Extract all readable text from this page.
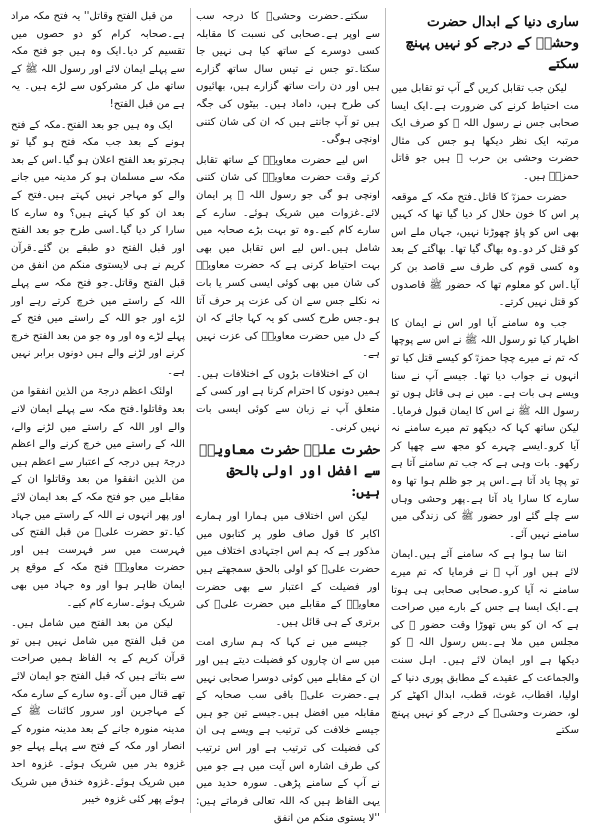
ساری دنیا کے ابدال حضرت وحشیؓ کے درجے کو نہیں پہنچ سکتے

لیکن جب تقابل کریں گے آپ تو تقابل میں مت احتیاط کرنے کی ضرورت ہے۔ایک ایسا صحابی جس نے رسول اللہ ﷺ کو صرف ایک مرتبہ ایک نظر دیکھا ہو جس کی مثال حضرت وحشی بن حرب ؓ ہیں جو قاتل حمزہؓ ہیں۔

حضرت حمزہؓ کا قاتل۔فتح مکہ کے موقعہ پر اس کا خون حلال کر دیا گیا تھا کہ کہیں بھی اس کو پاؤ چھوڑنا نہیں، جہاں ملے اس کو قتل کر دو۔وہ بھاگ گیا تھا۔ بھاگتے کے بعد وہ کسی قوم کی طرف سے قاصد بن کر آیا۔اس کو معلوم تھا کہ حضور ﷺ قاصدوں کو قتل نہیں کرتے۔

جب وہ سامنے آیا اور اس نے ایمان کا اظہار کیا تو رسول اللہ ﷺ نے اس سے پوچھا کہ تم نے میرے چچا حمزہؓ کو کیسے قتل کیا تو انہوں نے جواب دیا تھا۔ جیسے آپ نے سنا ویسے ہی بات ہے۔ میں نے ہی قاتل ہوں تو رسول اللہ ﷺ نے اس کا ایمان قبول فرمایا۔لیکن ساتھ کہا کہ دیکھو تم میرے سامنے نہ آیا کرو۔ایسے چہرے کو مجھ سے چھپا کر رکھو۔ بات وہی ہے کہ جب تم سامنے آتا ہے تو پچا یاد آتا ہے۔اس پر جو ظلم ہوا تھا وہ سارے کا سارا یاد آتا ہے۔پھر وحشی وہاں سے چلے گئے اور حضور ﷺ کی زندگی میں سامنے نہیں آئے۔

انتا سا ہوا ہے کہ سامنے آئے ہیں۔ایمان لائے ہیں اور آپ ﷺ نے فرمایا کہ تم میرے سامنے نہ آیا کرو۔صحابی صحابی ہی ہوتا ہے۔ایک ایسا ہے جس کے بارے میں صراحت ہے کہ ان کو بس تھوڑا وقت حضور ﷺ کی مجلس میں ملا ہے۔بس رسول اللہ ﷺ کو دیکھا ہے اور ایمان لائے ہیں۔ اہل سنت والجماعت کے عقیدے کے مطابق پوری دنیا کے اولیا، اقطاب، غوث، قطب، ابدال اکھٹے کر لو، حضرت وحشیؓ کے درجے کو نہیں پہنچ سکتے

سکتے۔حضرت وحشیؓ کا درجہ سب سے اوپر ہے۔صحابی کی نسبت کا مقابلہ کسی دوسرے کے ساتھ کیا ہی نہیں جا سکتا۔تو جس نے تیس سال ساتھ گزارے ہیں اور دن رات ساتھ گزارے ہیں، بھائیوں کی طرح ہیں، داماد ہیں۔ بیٹوں کی جگہ ہیں تو آپ جانتے ہیں کہ ان کی شان کتنی اونچی ہوگی۔

اس لیے حضرت معاویہؓ کے ساتھ تقابل کرتے وقت حضرت معاویہؓ کی شان کتنی اونچی ہو گی جو رسول اللہ ﷺ پر ایمان لائے۔غزوات میں شریک ہوئے۔ سارے کے سارے کام کیے۔وہ تو بہت بڑے صحابہ میں شامل ہیں۔اس لیے اس تقابل میں بھی بہت احتیاط کرنی ہے کہ حضرت معاویہؓ کی شان میں بھی کوئی ایسی کسر یا بات نہ نکلے جس سے ان کی عزت پر حرف آتا ہو۔جس طرح کسی کو یہ کہا جائے کہ ان کے دل میں حضرت معاویہؓ کی عزت نہیں ہے۔

ان کے اختلافات بڑوں کے اختلافات ہیں۔ ہمیں دونوں کا احترام کرنا ہے اور کسی کے متعلق آپ نے زبان سے کوئی ایسی بات نہیں کرنی۔

حضرت علیؓ حضرت معاویہؓ سے افضل اور اولی بالحق ہیں:

لیکن اس اختلاف میں ہمارا اور ہمارے اکابر کا قول صاف طور پر کتابوں میں مذکور ہے کہ ہم اس اجتہادی اختلاف میں حضرت علیؓ کو اولی بالحق سمجھتے ہیں اور فضیلت کے اعتبار سے بھی حضرت معاویہؓ کے مقابلے میں حضرت علیؓ کی برتری کے ہی قائل ہیں۔

جیسے میں نے کہا کہ ہم ساری امت میں سے ان چاروں کو فضیلت دیتے ہیں اور ان کے مقابلے میں کوئی دوسرا صحابی نہیں ہے۔حضرت علیؓ باقی سب صحابہ کے مقابلہ میں افضل ہیں۔جیسے تین جو ہیں جیسے خلافت کی ترتیب ہے ویسے ہی ان کی فضیلت کی ترتیب ہے اور اس ترتیب کی طرف اشارہ اس آیت میں ہے جو میں نے آپ کے سامنے پڑھی۔ سورہ حدید میں یہی الفاظ ہیں کہ اللہ تعالی فرماتے ہیں: ''لا یستوی منکم من انفق

من قبل الفتح وقاتل'' یہ فتح مکہ مراد ہے۔صحابہ کرام کو دو حصوں میں تقسیم کر دیا۔ایک وہ ہیں جو فتح مکہ سے پہلے ایمان لائے اور رسول اللہ ﷺ کے ساتھ مل کر مشرکوں سے لڑے ہیں۔ یہ ہے من قبل الفتح!

ایک وہ ہیں جو بعد الفتح۔مکہ کے فتح ہونے کے بعد جب مکہ فتح ہو گیا تو ہجرتو بعد الفتح اعلان ہو گیا۔اس کے بعد مکہ سے مسلمان ہو کر مدینہ میں جانے والے کو مہاجر نہیں کہتے ہیں۔فتح کے بعد ان کو کیا کہتے ہیں؟ وہ سارے کا سارا کر دیا گیا۔اسی طرح جو بعد الفتح اور قبل الفتح دو طبقے بن گئے۔قرآن کریم نے ہی لایستوی منکم من انفق من قبل الفتح وقاتل۔جو فتح مکہ سے پہلے اللہ کے راستے میں خرچ کرتے رہے اور لڑے اور جو اللہ کے راستے میں فتح کے پہلے لڑے وہ اور وہ جو من بعد الفتح خرچ کرنے اور لڑنے والے ہیں دونوں برابر نہیں ہے۔

اولئک اعظم درجۃ من الذین انفقوا من بعد وقاتلوا۔فتح مکہ سے پہلے ایمان لانے والے اور اللہ کے راستے میں لڑنے والے، اللہ کے راستے میں خرچ کرنے والے اعظم درجۃ ہیں درجہ کے اعتبار سے اعظم ہیں من الذین انفقوا من بعد وقاتلوا ان کے مقابلے میں جو فتح مکہ کے بعد ایمان لائے اور پھر انہوں نے اللہ کے راستے میں جہاد کیا۔تو حضرت علیؓ من قبل الفتح کی فہرست میں سر فہرست ہیں اور حضرت معاویہؓ فتح مکہ کے موقع پر ایمان ظاہر ہوا اور وہ جہاد میں بھی شریک ہوئے۔سارے کام کیے۔

لیکن من بعد الفتح میں شامل ہیں۔من قبل الفتح میں شامل نہیں ہیں تو قرآن کریم کے یہ الفاظ ہمیں صراحت سے بتاتے ہیں کہ قبل الفتح جو ایمان لائے تھے قتال میں آئے۔وہ سارے کے سارے مکہ کے مہاجرین اور سرور کائنات ﷺ کے مدینہ منورہ جانے کے بعد مدینہ منورہ کے انصار اور مکہ کے فتح سے پہلے پہلے جو غزوہ بدر میں شریک ہوئے۔ غزوہ احد میں شریک ہوئے۔غزوہ خندق میں شریک ہوئے پھر کئی غزوہ خیبر
